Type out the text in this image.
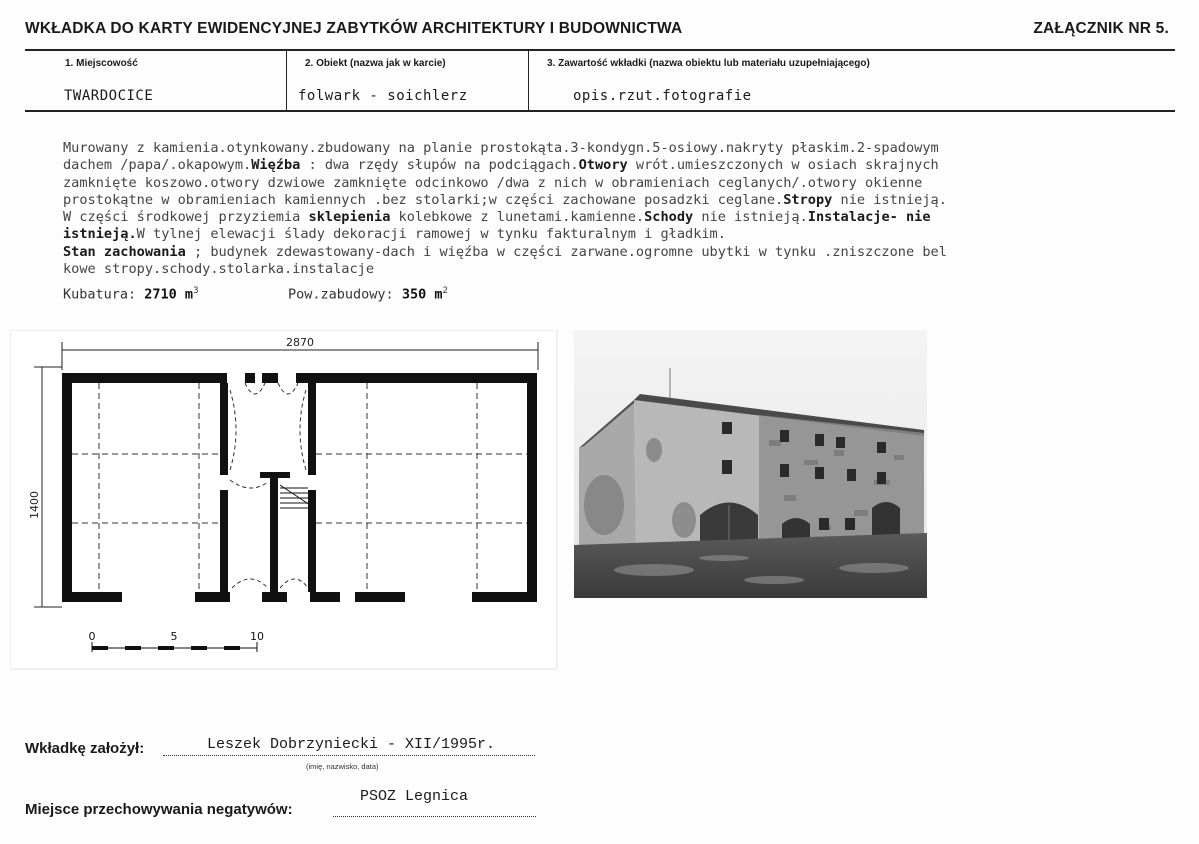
WKŁADKA DO KARTY EWIDENCYJNEJ ZABYTKÓW ARCHITEKTURY I BUDOWNICTWA	ZAŁĄCZNIK NR 5.
1. Miejscowość	2. Obiekt (nazwa jak w karcie)	3. Zawartość wkładki (nazwa obiektu lub materiału uzupełniającego)
TWARDOCICE	folwark - soichlerz	opis.rzut.fotografie
Murowany z kamienia.otynkowany.zbudowany na planie prostokąta.3-kondygn.5-osiowy.nakryty płaskim.2-spadowym
dachem /papa/.okapowym.Więźba : dwa rzędy słupów na podciągach.Otwory wrót.umieszczonych w osiach skrajnych
zamknięte koszowo.otwory dzwiowe zamknięte odcinkowo /dwa z nich w obramieniach ceglanych/.otwory okienne
prostokątne w obramieniach kamiennych .bez stolarki;w części zachowane posadzki ceglane.Stropy nie istnieją.
W części środkowej przyziemia sklepienia kolebkowe z lunetami.kamienne.Schody nie istnieją.Instalacje- nie
istnieją.W tylnej elewacji ślady dekoracji ramowej w tynku fakturalnym i gładkim.
Stan zachowania ; budynek zdewastowany-dach i więźba w części zarwane.ogromne ubytki w tynku .zniszczone bel
kowe stropy.schody.stolarka.instalacje
Kubatura: 2710 $m^3$	Pow.zabudowy: 350 $m^2$
2870
1400
0	5	10
Wkładkę założył:	Leszek Dobrzyniecki - XII/1995r.
(imię, nazwisko, data)
Miejsce przechowywania negatywów:
PSOZ Legnica
